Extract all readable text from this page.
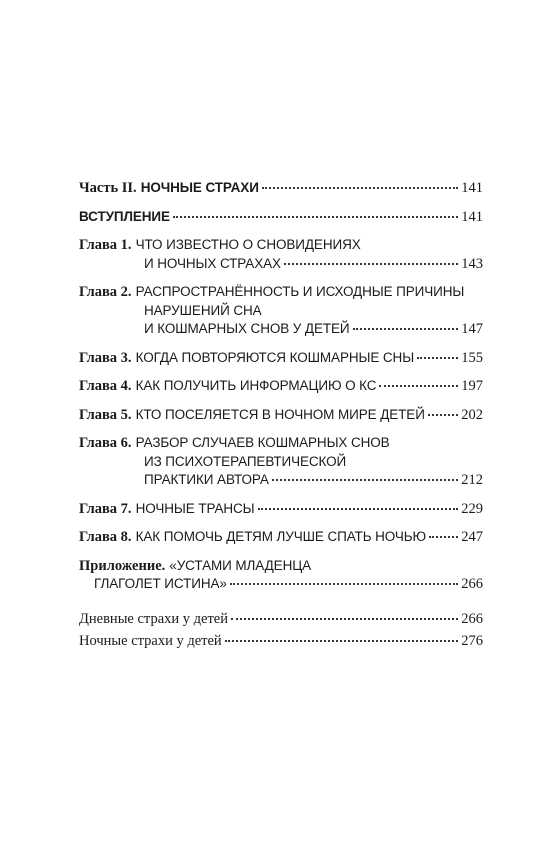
Часть II. НОЧНЫЕ СТРАХИ	141
ВСТУПЛЕНИЕ	141
Глава 1. ЧТО ИЗВЕСТНО О СНОВИДЕНИЯХ
И НОЧНЫХ СТРАХАХ	143
Глава 2. РАСПРОСТРАНЁННОСТЬ И ИСХОДНЫЕ ПРИЧИНЫ
НАРУШЕНИЙ СНА
И КОШМАРНЫХ СНОВ У ДЕТЕЙ	147
Глава 3. КОГДА ПОВТОРЯЮТСЯ КОШМАРНЫЕ СНЫ	155
Глава 4. КАК ПОЛУЧИТЬ ИНФОРМАЦИЮ О КС	197
Глава 5. КТО ПОСЕЛЯЕТСЯ В НОЧНОМ МИРЕ ДЕТЕЙ	202
Глава 6. РАЗБОР СЛУЧАЕВ КОШМАРНЫХ СНОВ
ИЗ ПСИХОТЕРАПЕВТИЧЕСКОЙ
ПРАКТИКИ АВТОРА	212
Глава 7. НОЧНЫЕ ТРАНСЫ	229
Глава 8. КАК ПОМОЧЬ ДЕТЯМ ЛУЧШЕ СПАТЬ НОЧЬЮ 247
Приложение. «УСТАМИ МЛАДЕНЦА
ГЛАГОЛЕТ ИСТИНА»	266
Дневные страхи у детей	266
Ночные страхи у детей	276
